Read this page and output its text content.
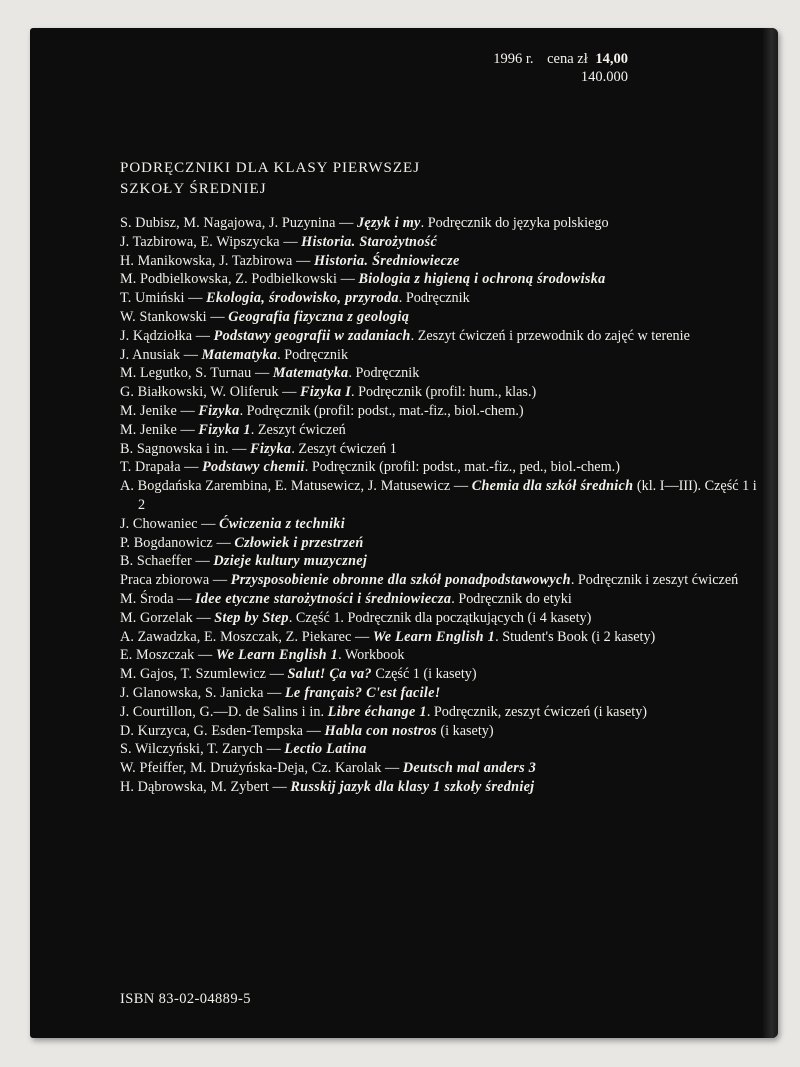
1996 r. cena zł 14,00
140.000
PODRĘCZNIKI DLA KLASY PIERWSZEJ
SZKOŁY ŚREDNIEJ

S. Dubisz, M. Nagajowa, J. Puzynina — Język i my. Podręcznik do języka polskiego

J. Tazbirowa, E. Wipszycka — Historia. Starożytność

H. Manikowska, J. Tazbirowa — Historia. Średniowiecze

M. Podbielkowska, Z. Podbielkowski — Biologia z higieną i ochroną środowiska

T. Umiński — Ekologia, środowisko, przyroda. Podręcznik

W. Stankowski — Geografia fizyczna z geologią

J. Kądziołka — Podstawy geografii w zadaniach. Zeszyt ćwiczeń i przewodnik do zajęć w terenie

J. Anusiak — Matematyka. Podręcznik

M. Legutko, S. Turnau — Matematyka. Podręcznik

G. Białkowski, W. Oliferuk — Fizyka I. Podręcznik (profil: hum., klas.)

M. Jenike — Fizyka. Podręcznik (profil: podst., mat.-fiz., biol.-chem.)

M. Jenike — Fizyka 1. Zeszyt ćwiczeń

B. Sagnowska i in. — Fizyka. Zeszyt ćwiczeń 1

T. Drapała — Podstawy chemii. Podręcznik (profil: podst., mat.-fiz., ped., biol.-chem.)

A. Bogdańska Zarembina, E. Matusewicz, J. Matusewicz — Chemia dla szkół średnich (kl. I—III). Część 1 i 2

J. Chowaniec — Ćwiczenia z techniki

P. Bogdanowicz — Człowiek i przestrzeń

B. Schaeffer — Dzieje kultury muzycznej

Praca zbiorowa — Przysposobienie obronne dla szkół ponadpodstawowych. Podręcznik i zeszyt ćwiczeń

M. Środa — Idee etyczne starożytności i średniowiecza. Podręcznik do etyki

M. Gorzelak — Step by Step. Część 1. Podręcznik dla początkujących (i 4 kasety)

A. Zawadzka, E. Moszczak, Z. Piekarec — We Learn English 1. Student's Book (i 2 kasety)

E. Moszczak — We Learn English 1. Workbook

M. Gajos, T. Szumlewicz — Salut! Ça va? Część 1 (i kasety)

J. Glanowska, S. Janicka — Le français? C'est facile!

J. Courtillon, G.—D. de Salins i in. Libre échange 1. Podręcznik, zeszyt ćwiczeń (i kasety)

D. Kurzyca, G. Esden-Tempska — Habla con nostros (i kasety)

S. Wilczyński, T. Zarych — Lectio Latina

W. Pfeiffer, M. Drużyńska-Deja, Cz. Karolak — Deutsch mal anders 3

H. Dąbrowska, M. Zybert — Russkij jazyk dla klasy 1 szkoły średniej

ISBN 83-02-04889-5
